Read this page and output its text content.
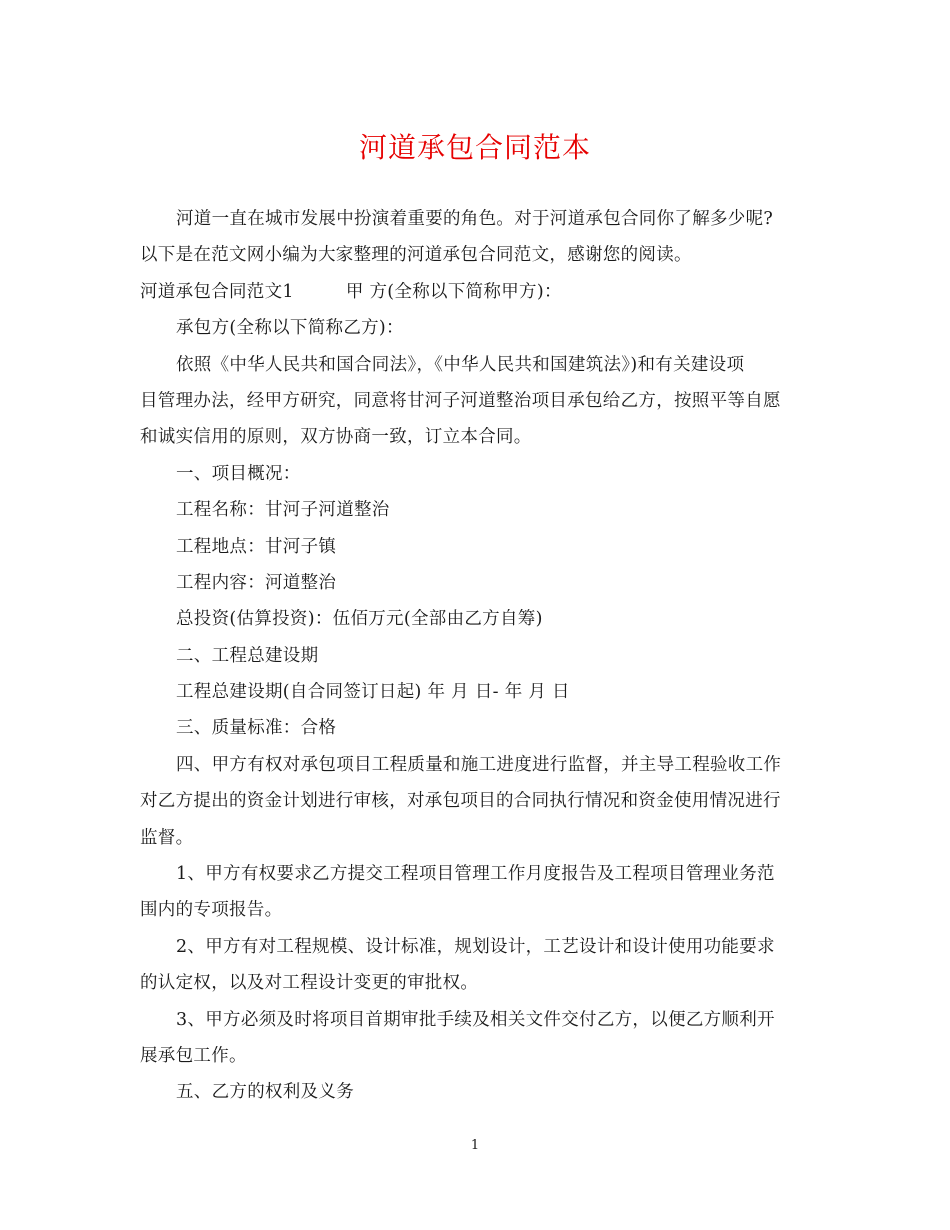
河道承包合同范本
河道一直在城市发展中扮演着重要的角色。对于河道承包合同你了解多少呢?
以下是在范文网小编为大家整理的河道承包合同范文，感谢您的阅读。
河道承包合同范文1	甲 方(全称以下简称甲方)：
承包方(全称以下简称乙方)：
依照《中华人民共和国合同法》，《中华人民共和国建筑法》)和有关建设项
目管理办法，经甲方研究，同意将甘河子河道整治项目承包给乙方，按照平等自愿
和诚实信用的原则，双方协商一致，订立本合同。
一、项目概况：
工程名称：甘河子河道整治
工程地点：甘河子镇
工程内容：河道整治
总投资(估算投资)：伍佰万元(全部由乙方自筹)
二、工程总建设期
工程总建设期(自合同签订日起) 年 月 日- 年 月 日
三、质量标准：合格
四、甲方有权对承包项目工程质量和施工进度进行监督，并主导工程验收工作
对乙方提出的资金计划进行审核，对承包项目的合同执行情况和资金使用情况进行
监督。
1、甲方有权要求乙方提交工程项目管理工作月度报告及工程项目管理业务范
围内的专项报告。
2、甲方有对工程规模、设计标准，规划设计，工艺设计和设计使用功能要求
的认定权，以及对工程设计变更的审批权。
3、甲方必须及时将项目首期审批手续及相关文件交付乙方，以便乙方顺利开
展承包工作。
五、乙方的权利及义务
1
